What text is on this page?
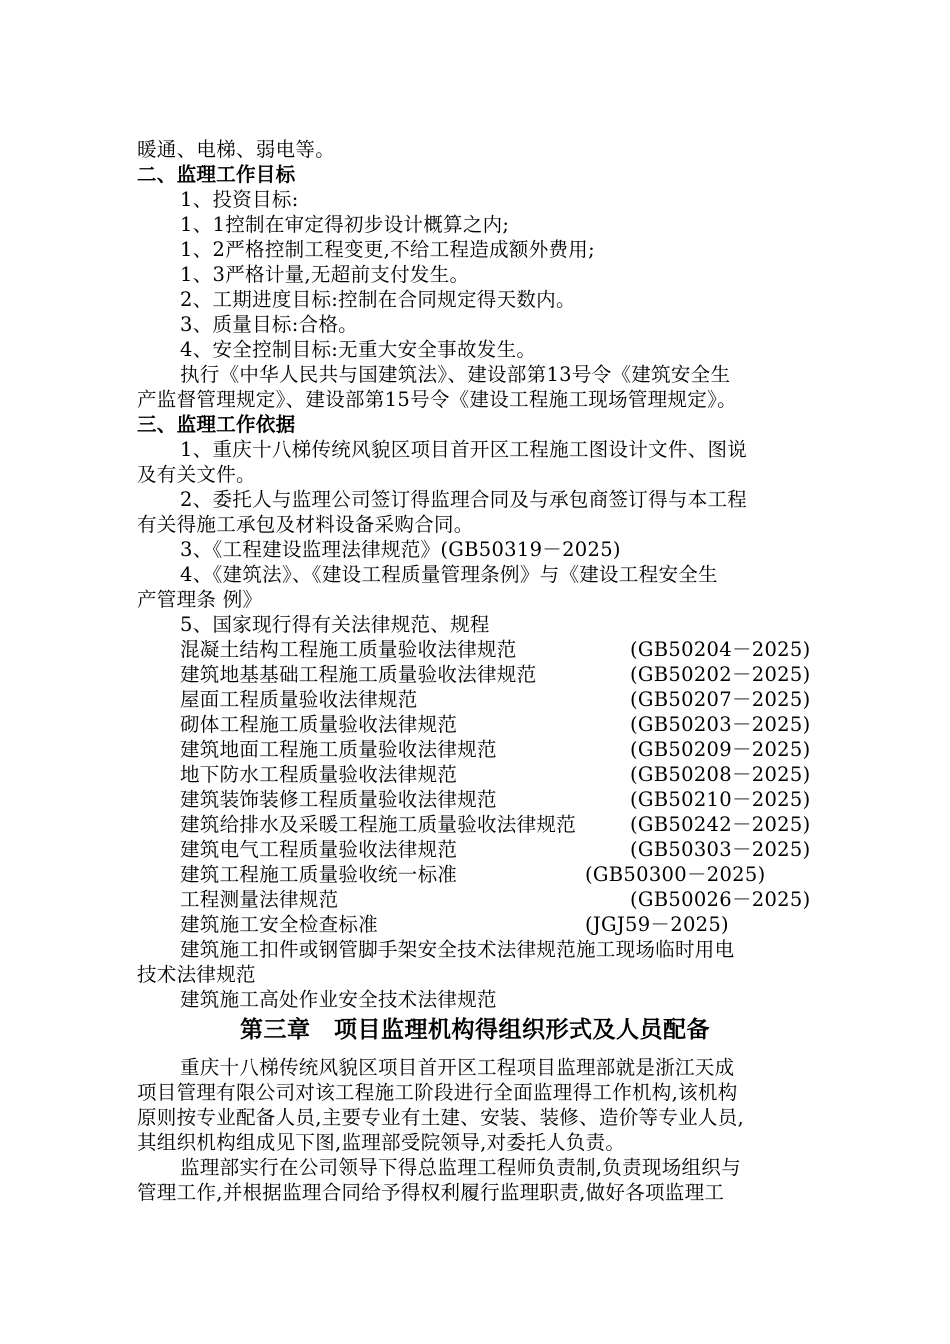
暖通、电梯、弱电等。
二、监理工作目标
1、投资目标:
1、1控制在审定得初步设计概算之内;
1、2严格控制工程变更,不给工程造成额外费用;
1、3严格计量,无超前支付发生。
2、工期进度目标:控制在合同规定得天数内。
3、质量目标:合格。
4、安全控制目标:无重大安全事故发生。
执行《中华人民共与国建筑法》、建设部第13号令《建筑安全生
产监督管理规定》、建设部第15号令《建设工程施工现场管理规定》。
三、监理工作依据
1、重庆十八梯传统风貌区项目首开区工程施工图设计文件、图说
及有关文件。
2、委托人与监理公司签订得监理合同及与承包商签订得与本工程
有关得施工承包及材料设备采购合同。
3、《工程建设监理法律规范》(GB50319－2025)
4、《建筑法》、《建设工程质量管理条例》与《建设工程安全生
产管理条 例》
5、国家现行得有关法律规范、规程
混凝土结构工程施工质量验收法律规范	(GB50204－2025)
建筑地基基础工程施工质量验收法律规范	(GB50202－2025)
屋面工程质量验收法律规范	(GB50207－2025)
砌体工程施工质量验收法律规范	(GB50203－2025)
建筑地面工程施工质量验收法律规范	(GB50209－2025)
地下防水工程质量验收法律规范	(GB50208－2025)
建筑装饰装修工程质量验收法律规范	(GB50210－2025)
建筑给排水及采暖工程施工质量验收法律规范	(GB50242－2025)
建筑电气工程质量验收法律规范	(GB50303－2025)
建筑工程施工质量验收统一标准	(GB50300－2025)
工程测量法律规范	(GB50026－2025)
建筑施工安全检查标准	(JGJ59－2025)
建筑施工扣件或钢管脚手架安全技术法律规范施工现场临时用电
技术法律规范
建筑施工高处作业安全技术法律规范
第三章　项目监理机构得组织形式及人员配备
重庆十八梯传统风貌区项目首开区工程项目监理部就是浙江天成
项目管理有限公司对该工程施工阶段进行全面监理得工作机构,该机构
原则按专业配备人员,主要专业有土建、安装、装修、造价等专业人员,
其组织机构组成见下图,监理部受院领导,对委托人负责。
监理部实行在公司领导下得总监理工程师负责制,负责现场组织与
管理工作,并根据监理合同给予得权利履行监理职责,做好各项监理工
